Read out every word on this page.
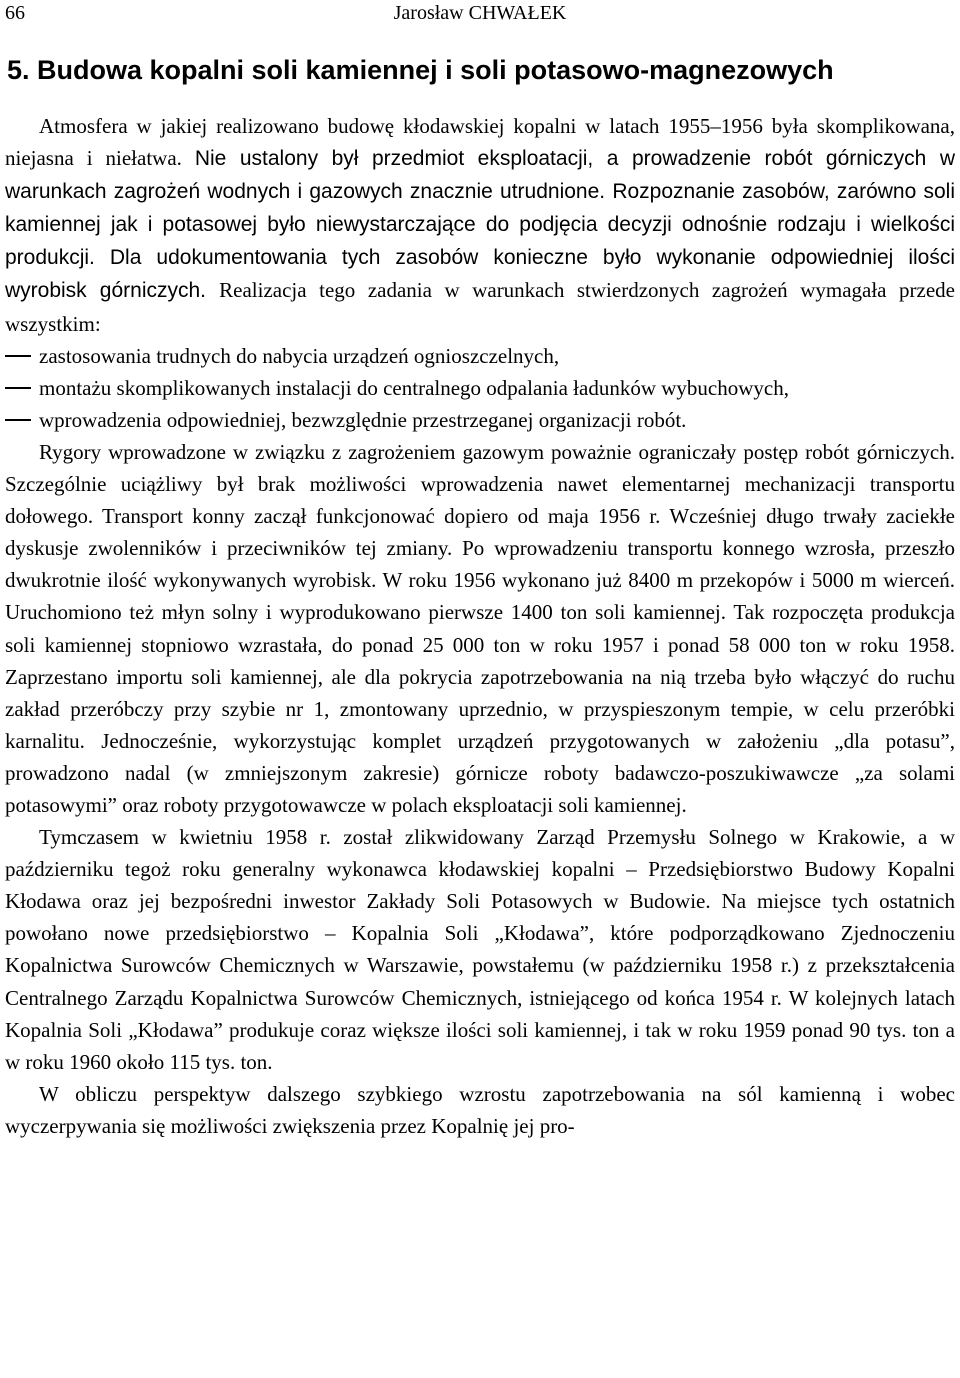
66	Jarosław CHWAŁEK
5. Budowa kopalni soli kamiennej i soli potasowo-magnezowych

Atmosfera w jakiej realizowano budowę kłodawskiej kopalni w latach 1955–1956 była skomplikowana, niejasna i niełatwa. Nie ustalony był przedmiot eksploatacji, a prowadzenie robót górniczych w warunkach zagrożeń wodnych i gazowych znacznie utrudnione. Rozpoznanie zasobów, zarówno soli kamiennej jak i potasowej było niewystarczające do podjęcia decyzji odnośnie rodzaju i wielkości produkcji. Dla udokumentowania tych zasobów konieczne było wykonanie odpowiedniej ilości wyrobisk górniczych. Realizacja tego zadania w warunkach stwierdzonych zagrożeń wymagała przede wszystkim:

zastosowania trudnych do nabycia urządzeń ognioszczelnych,
montażu skomplikowanych instalacji do centralnego odpalania ładunków wybuchowych,
wprowadzenia odpowiedniej, bezwzględnie przestrzeganej organizacji robót.

Rygory wprowadzone w związku z zagrożeniem gazowym poważnie ograniczały postęp robót górniczych. Szczególnie uciążliwy był brak możliwości wprowadzenia nawet elementarnej mechanizacji transportu dołowego. Transport konny zaczął funkcjonować dopiero od maja 1956 r. Wcześniej długo trwały zaciekłe dyskusje zwolenników i przeciwników tej zmiany. Po wprowadzeniu transportu konnego wzrosła, przeszło dwukrotnie ilość wykonywanych wyrobisk. W roku 1956 wykonano już 8400 m przekopów i 5000 m wierceń. Uruchomiono też młyn solny i wyprodukowano pierwsze 1400 ton soli kamiennej. Tak rozpoczęta produkcja soli kamiennej stopniowo wzrastała, do ponad 25 000 ton w roku 1957 i ponad 58 000 ton w roku 1958. Zaprzestano importu soli kamiennej, ale dla pokrycia zapotrzebowania na nią trzeba było włączyć do ruchu zakład przeróbczy przy szybie nr 1, zmontowany uprzednio, w przyspieszonym tempie, w celu przeróbki karnalitu. Jednocześnie, wykorzystując komplet urządzeń przygotowanych w założeniu „dla potasu”, prowadzono nadal (w zmniejszonym zakresie) górnicze roboty badawczo-poszukiwawcze „za solami potasowymi” oraz roboty przygotowawcze w polach eksploatacji soli kamiennej.

Tymczasem w kwietniu 1958 r. został zlikwidowany Zarząd Przemysłu Solnego w Krakowie, a w październiku tegoż roku generalny wykonawca kłodawskiej kopalni – Przedsiębiorstwo Budowy Kopalni Kłodawa oraz jej bezpośredni inwestor Zakłady Soli Potasowych w Budowie. Na miejsce tych ostatnich powołano nowe przedsiębiorstwo – Kopalnia Soli „Kłodawa”, które podporządkowano Zjednoczeniu Kopalnictwa Surowców Chemicznych w Warszawie, powstałemu (w październiku 1958 r.) z przekształcenia Centralnego Zarządu Kopalnictwa Surowców Chemicznych, istniejącego od końca 1954 r. W kolejnych latach Kopalnia Soli „Kłodawa” produkuje coraz większe ilości soli kamiennej, i tak w roku 1959 ponad 90 tys. ton a w roku 1960 około 115 tys. ton.

W obliczu perspektyw dalszego szybkiego wzrostu zapotrzebowania na sól kamienną i wobec wyczerpywania się możliwości zwiększenia przez Kopalnię jej pro-
